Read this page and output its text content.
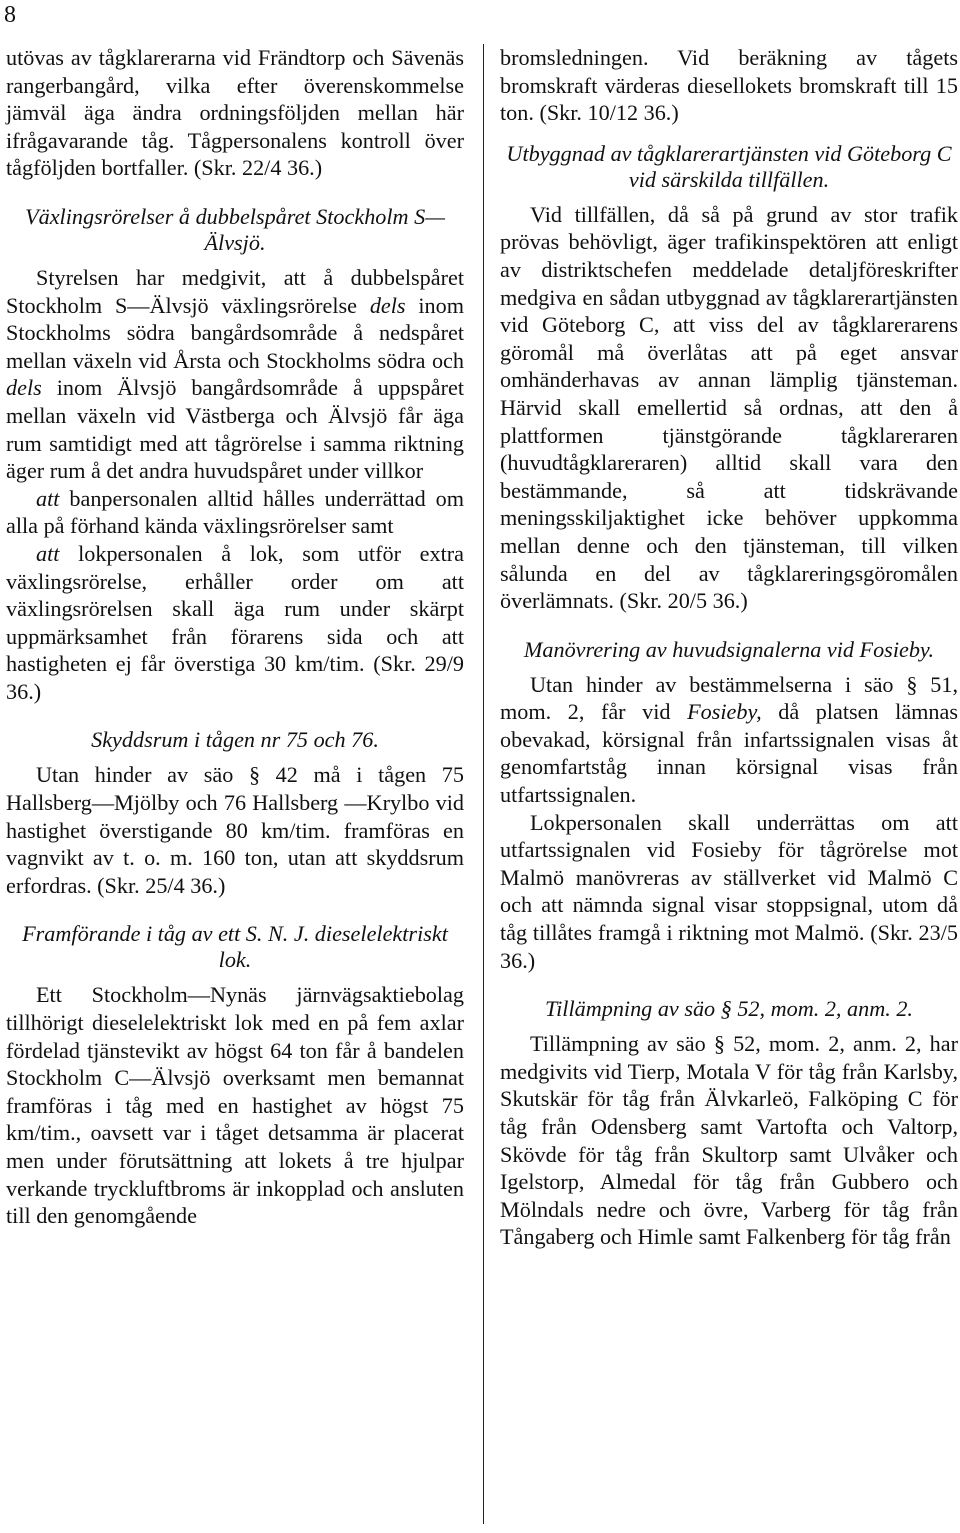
8

utövas av tågklarerarna vid Frändtorp och Sävenäs rangerbangård, vilka efter överenskommelse jämväl äga ändra ordningsföljden mellan här ifrågavarande tåg. Tågpersonalens kontroll över tågföljden bortfaller. (Skr. 22/4 36.)

Växlingsrörelser å dubbelspåret Stockholm S—Älvsjö.

Styrelsen har medgivit, att å dubbelspåret Stockholm S—Älvsjö växlingsrörelse dels inom Stockholms södra bangårdsområde å nedspåret mellan växeln vid Årsta och Stockholms södra och dels inom Älvsjö bangårdsområde å uppspåret mellan växeln vid Västberga och Älvsjö får äga rum samtidigt med att tågrörelse i samma riktning äger rum å det andra huvudspåret under villkor

att banpersonalen alltid hålles underrättad om alla på förhand kända växlingsrörelser samt

att lokpersonalen å lok, som utför extra växlingsrörelse, erhåller order om att växlingsrörelsen skall äga rum under skärpt uppmärksamhet från förarens sida och att hastigheten ej får överstiga 30 km/tim. (Skr. 29/9 36.)

Skyddsrum i tågen nr 75 och 76.

Utan hinder av säo § 42 må i tågen 75 Hallsberg—Mjölby och 76 Hallsberg —Krylbo vid hastighet överstigande 80 km/tim. framföras en vagnvikt av t. o. m. 160 ton, utan att skyddsrum erfordras. (Skr. 25/4 36.)

Framförande i tåg av ett S. N. J. dieselelektriskt lok.

Ett Stockholm—Nynäs järnvägsaktiebolag tillhörigt dieselelektriskt lok med en på fem axlar fördelad tjänstevikt av högst 64 ton får å bandelen Stockholm C—Älvsjö overksamt men bemannat framföras i tåg med en hastighet av högst 75 km/tim., oavsett var i tåget detsamma är placerat men under förutsättning att lokets å tre hjulpar verkande tryckluftbroms är inkopplad och ansluten till den genomgående

bromsledningen. Vid beräkning av tågets bromskraft värderas diesellokets bromskraft till 15 ton. (Skr. 10/12 36.)

Utbyggnad av tågklarerartjänsten vid Göteborg C vid särskilda tillfällen.

Vid tillfällen, då så på grund av stor trafik prövas behövligt, äger trafikinspektören att enligt av distriktschefen meddelade detaljföreskrifter medgiva en sådan utbyggnad av tågklarerartjänsten vid Göteborg C, att viss del av tågklarerarens göromål må överlåtas att på eget ansvar omhänderhavas av annan lämplig tjänsteman. Härvid skall emellertid så ordnas, att den å plattformen tjänstgörande tågklareraren (huvudtågklareraren) alltid skall vara den bestämmande, så att tidskrävande meningsskiljaktighet icke behöver uppkomma mellan denne och den tjänsteman, till vilken sålunda en del av tågklareringsgöromålen överlämnats. (Skr. 20/5 36.)

Manövrering av huvudsignalerna vid Fosieby.

Utan hinder av bestämmelserna i säo § 51, mom. 2, får vid Fosieby, då platsen lämnas obevakad, körsignal från infartssignalen visas åt genomfartståg innan körsignal visas från utfartssignalen.

Lokpersonalen skall underrättas om att utfartssignalen vid Fosieby för tågrörelse mot Malmö manövreras av ställverket vid Malmö C och att nämnda signal visar stoppsignal, utom då tåg tillåtes framgå i riktning mot Malmö. (Skr. 23/5 36.)

Tillämpning av säo § 52, mom. 2, anm. 2.

Tillämpning av säo § 52, mom. 2, anm. 2, har medgivits vid Tierp, Motala V för tåg från Karlsby, Skutskär för tåg från Älvkarleö, Falköping C för tåg från Odensberg samt Vartofta och Valtorp, Skövde för tåg från Skultorp samt Ulvåker och Igelstorp, Almedal för tåg från Gubbero och Mölndals nedre och övre, Varberg för tåg från Tångaberg och Himle samt Falkenberg för tåg från
